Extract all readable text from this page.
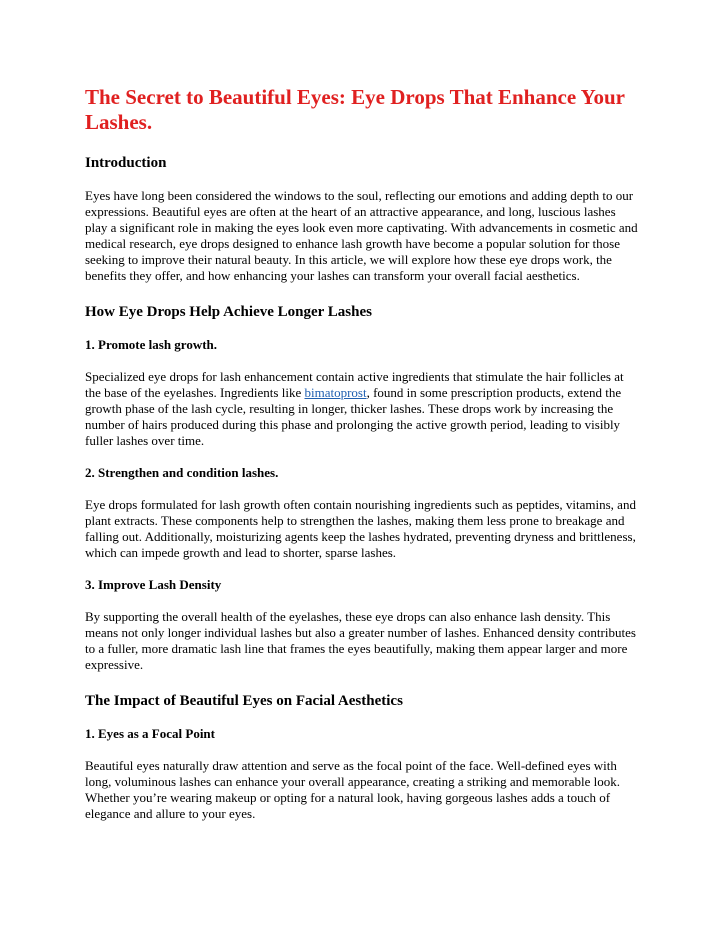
The Secret to Beautiful Eyes: Eye Drops That Enhance Your Lashes.
Introduction

Eyes have long been considered the windows to the soul, reflecting our emotions and adding depth to our expressions. Beautiful eyes are often at the heart of an attractive appearance, and long, luscious lashes play a significant role in making the eyes look even more captivating. With advancements in cosmetic and medical research, eye drops designed to enhance lash growth have become a popular solution for those seeking to improve their natural beauty. In this article, we will explore how these eye drops work, the benefits they offer, and how enhancing your lashes can transform your overall facial aesthetics.

How Eye Drops Help Achieve Longer Lashes
1. Promote lash growth.

Specialized eye drops for lash enhancement contain active ingredients that stimulate the hair follicles at the base of the eyelashes. Ingredients like bimatoprost, found in some prescription products, extend the growth phase of the lash cycle, resulting in longer, thicker lashes. These drops work by increasing the number of hairs produced during this phase and prolonging the active growth period, leading to visibly fuller lashes over time.

2. Strengthen and condition lashes.

Eye drops formulated for lash growth often contain nourishing ingredients such as peptides, vitamins, and plant extracts. These components help to strengthen the lashes, making them less prone to breakage and falling out. Additionally, moisturizing agents keep the lashes hydrated, preventing dryness and brittleness, which can impede growth and lead to shorter, sparse lashes.

3. Improve Lash Density

By supporting the overall health of the eyelashes, these eye drops can also enhance lash density. This means not only longer individual lashes but also a greater number of lashes. Enhanced density contributes to a fuller, more dramatic lash line that frames the eyes beautifully, making them appear larger and more expressive.

The Impact of Beautiful Eyes on Facial Aesthetics
1. Eyes as a Focal Point

Beautiful eyes naturally draw attention and serve as the focal point of the face. Well-defined eyes with long, voluminous lashes can enhance your overall appearance, creating a striking and memorable look. Whether you’re wearing makeup or opting for a natural look, having gorgeous lashes adds a touch of elegance and allure to your eyes.
